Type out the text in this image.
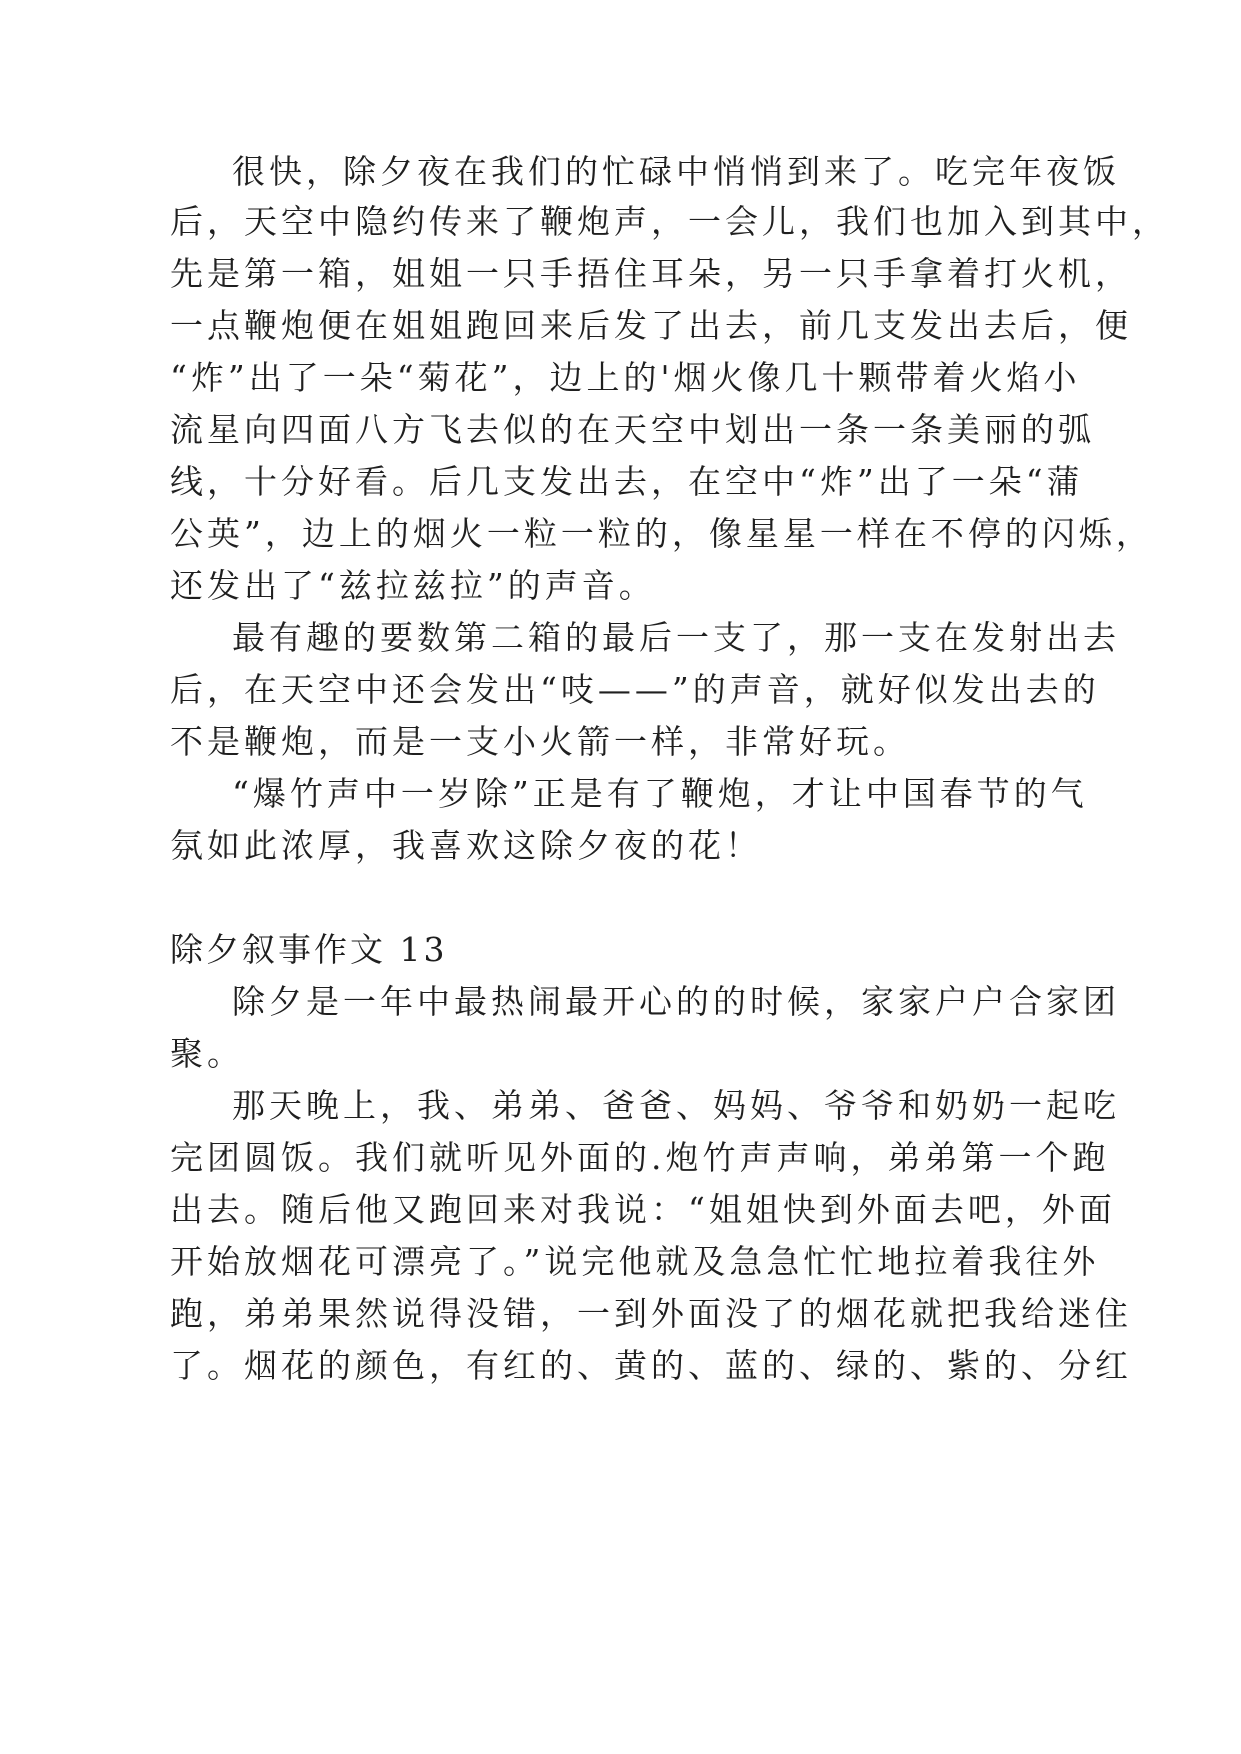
很快，除夕夜在我们的忙碌中悄悄到来了。吃完年夜饭
后，天空中隐约传来了鞭炮声，一会儿，我们也加入到其中，
先是第一箱，姐姐一只手捂住耳朵，另一只手拿着打火机，
一点鞭炮便在姐姐跑回来后发了出去，前几支发出去后，便
“炸”出了一朵“菊花”，边上的'烟火像几十颗带着火焰小
流星向四面八方飞去似的在天空中划出一条一条美丽的弧
线，十分好看。后几支发出去，在空中“炸”出了一朵“蒲
公英”，边上的烟火一粒一粒的，像星星一样在不停的闪烁，
还发出了“兹拉兹拉”的声音。
最有趣的要数第二箱的最后一支了，那一支在发射出去
后，在天空中还会发出“吱——”的声音，就好似发出去的
不是鞭炮，而是一支小火箭一样，非常好玩。
“爆竹声中一岁除”正是有了鞭炮，才让中国春节的气
氛如此浓厚，我喜欢这除夕夜的花！
除夕叙事作文 13
除夕是一年中最热闹最开心的的时候，家家户户合家团
聚。
那天晚上，我、弟弟、爸爸、妈妈、爷爷和奶奶一起吃
完团圆饭。我们就听见外面的.炮竹声声响，弟弟第一个跑
出去。随后他又跑回来对我说：“姐姐快到外面去吧，外面
开始放烟花可漂亮了。”说完他就及急急忙忙地拉着我往外
跑，弟弟果然说得没错，一到外面没了的烟花就把我给迷住
了。烟花的颜色，有红的、黄的、蓝的、绿的、紫的、分红
